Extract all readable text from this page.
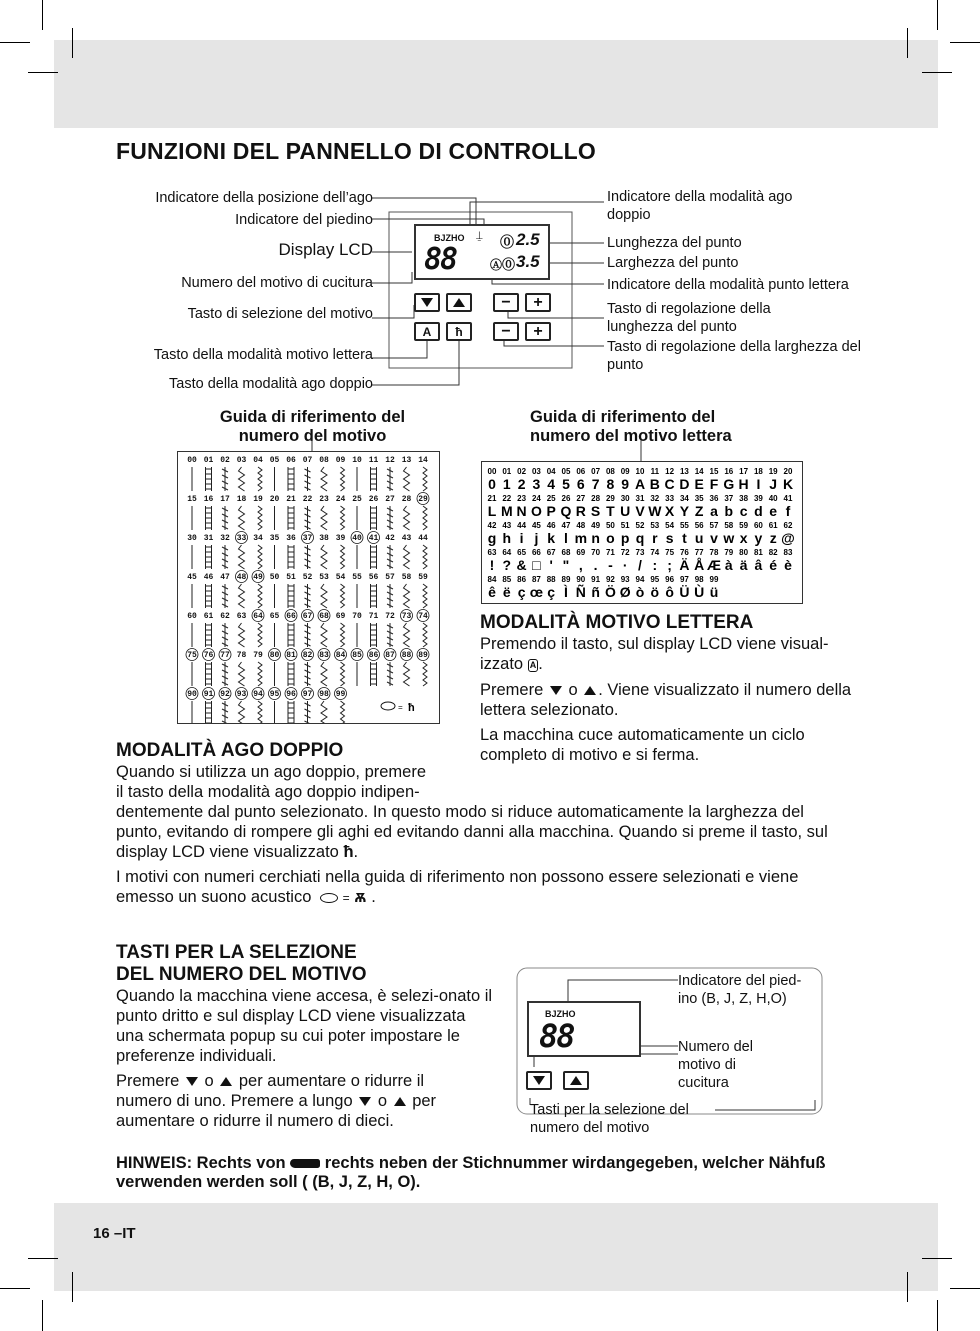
FUNZIONI DEL PANNELLO DI CONTROLLO
BJZHO ⍊
88	⓪ 2.5
Ⓐ ⓪ 3.5
−	+
A ħ	−	+
Indicatore della posizione dell’ago
Indicatore del piedino
Display LCD
Numero del motivo di cucitura
Tasto di selezione del motivo
Tasto della modalità motivo lettera
Tasto della modalità ago doppio
Indicatore della modalità ago doppio
Lunghezza del punto
Larghezza del punto
Indicatore della modalità punto lettera
Tasto di regolazione della lunghezza del punto
Tasto di regolazione della larghezza del punto
Guida di riferimento del numero del motivo
Guida di riferimento del numero del motivo lettera
00 01 02 03 04 05 06 07 08 09 10 11 12 13 14
15 16 17 18 19 20 21 22 23 24 25 26 27 28 29
30 31 32 33 34 35 36 37 38 39 40 41 42 43 44
45 46 47 48 49 50 51 52 53 54 55 56 57 58 59
60 61 62 63 64 65 66 67 68 69 70 71 72 73 74
75 76 77 78 79 80 81 82 83 84 85 86 87 88 89
90 91 92 93 94 95 96 97 98 99
= ħ
00 01 02 03 04 05 06 07 08 09 10 11 12 13 14 15 16 17 18 19 20
0 1 2 3 4 5 6 7 8 9 A B C D E F G H I J K
21 22 23 24 25 26 27 28 29 30 31 32 33 34 35 36 37 38 39 40 41
L M N O P Q R S T U V W X Y Z a b c d e f
42 43 44 45 46 47 48 49 50 51 52 53 54 55 56 57 58 59 60 61 62
g h i j k l m n o p q r s t u v w x y z @
63 64 65 66 67 68 69 70 71 72 73 74 75 76 77 78 79 80 81 82 83
! ? & □ ' " , . - · / : ; Ä Å Æ à ä â é è
84 85 86 87 88 89 90 91 92 93 94 95 96 97 98 99
ê ë ç œ ç Ì Ñ ñ Ö Ø ò ö ô Ü Ù ü
MODALITÀ MOTIVO LETTERA

Premendo il tasto, sul display LCD viene visual-izzato A .

Premere o . Viene visualizzato il numero della lettera selezionato.

La macchina cuce automaticamente un ciclo completo di motivo e si ferma.

MODALITÀ AGO DOPPIO

Quando si utilizza un ago doppio, premere

il tasto della modalità ago doppio indipen-

dentemente dal punto selezionato. In questo modo si riduce automaticamente la larghezza del punto, evitando di rompere gli aghi ed evitando danni alla macchina. Quando si preme il tasto, sul display LCD viene visualizzato ħ.

I motivi con numeri cerchiati nella guida di riferimento non possono essere selezionati e viene emesso un suono acustico	= ѫ .

TASTI PER LA SELEZIONE
DEL NUMERO DEL MOTIVO

Quando la macchina viene accesa, è selezi-onato il punto dritto e sul display LCD viene visualizzata una schermata popup su cui poter impostare le preferenze individuali.

Premere o per aumentare o ridurre il numero di uno. Premere a lungo o per aumentare o ridurre il numero di dieci.

BJZHO
88
Indicatore del pied-ino (B, J, Z, H,O)
Numero del motivo di cucitura
Tasti per la selezione del numero del motivo

HINWEIS: Rechts von rechts neben der Stichnummer wirdangegeben, welcher Nähfuß verwenden werden soll ( (B, J, Z, H, O).

16 –IT
